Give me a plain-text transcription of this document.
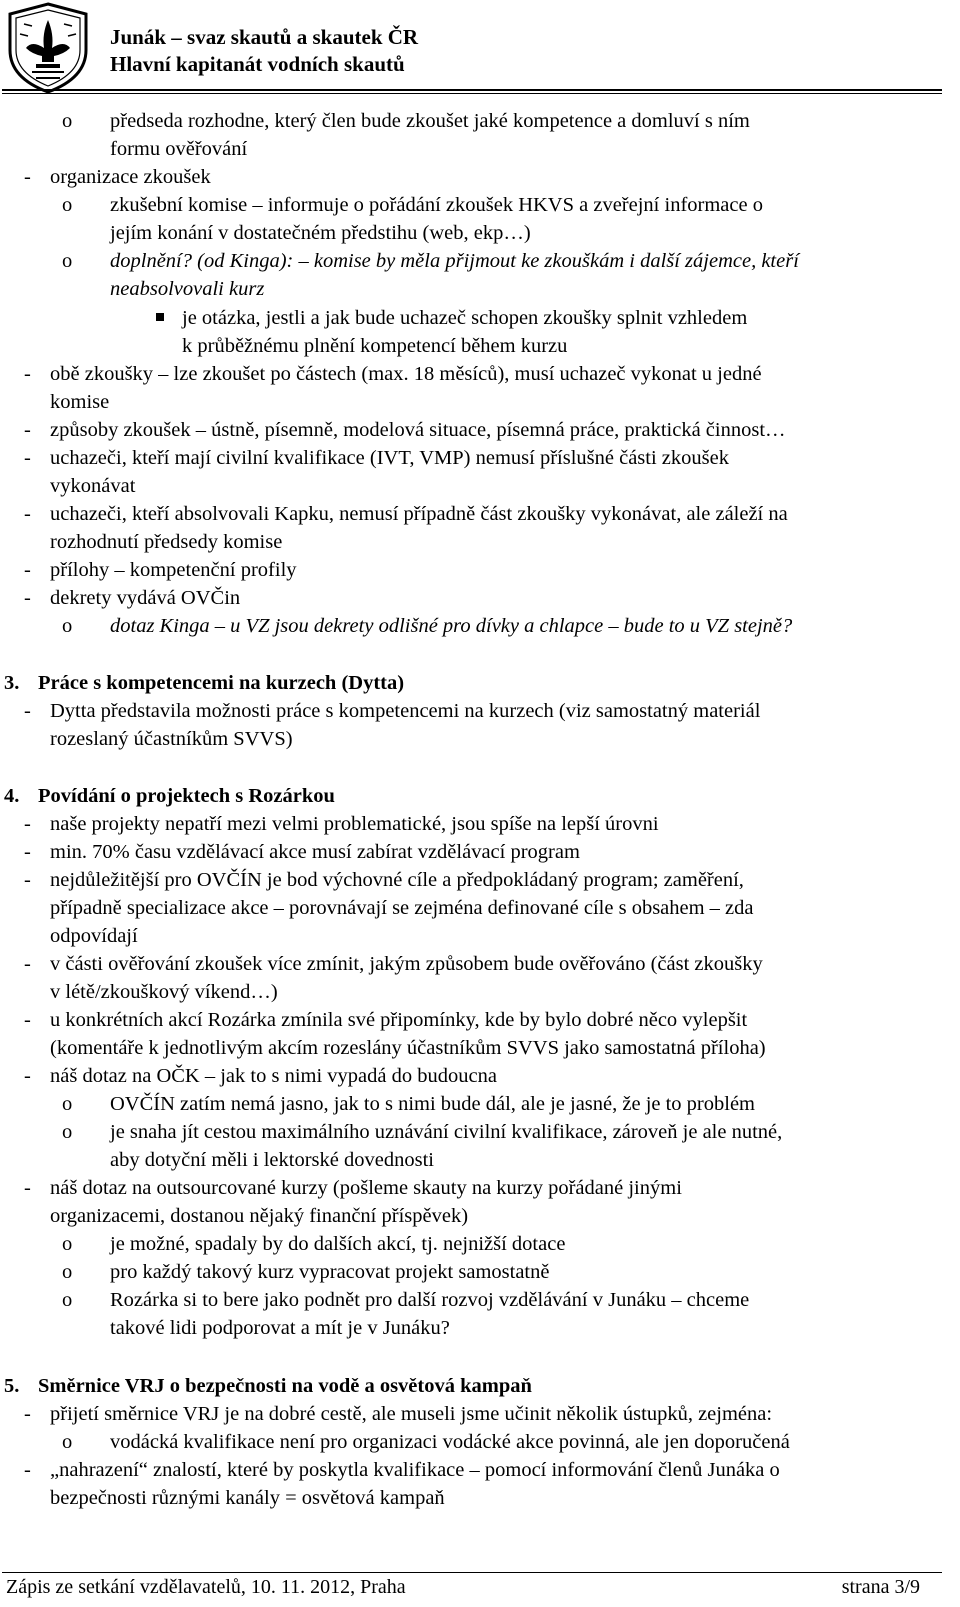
Junák – svaz skautů a skautek ČR
Hlavní kapitanát vodních skautů
o předseda rozhodne, který člen bude zkoušet jaké kompetence a domluví s ním
formu ověřování
- organizace zkoušek
o zkušební komise – informuje o pořádání zkoušek HKVS a zveřejní informace o
jejím konání v dostatečném předstihu (web, ekp…)
o doplnění? (od Kinga): – komise by měla přijmout ke zkouškám i další zájemce, kteří
neabsolvovali kurz
je otázka, jestli a jak bude uchazeč schopen zkoušky splnit vzhledem
k průběžnému plnění kompetencí během kurzu
- obě zkoušky – lze zkoušet po částech (max. 18 měsíců), musí uchazeč vykonat u jedné
komise
- způsoby zkoušek – ústně, písemně, modelová situace, písemná práce, praktická činnost…
- uchazeči, kteří mají civilní kvalifikace (IVT, VMP) nemusí příslušné části zkoušek
vykonávat
- uchazeči, kteří absolvovali Kapku, nemusí případně část zkoušky vykonávat, ale záleží na
rozhodnutí předsedy komise
- přílohy – kompetenční profily
- dekrety vydává OVČin
o dotaz Kinga – u VZ jsou dekrety odlišné pro dívky a chlapce – bude to u VZ stejně?
3. Práce s kompetencemi na kurzech (Dytta)
- Dytta představila možnosti práce s kompetencemi na kurzech (viz samostatný materiál
rozeslaný účastníkům SVVS)
4. Povídání o projektech s Rozárkou
- naše projekty nepatří mezi velmi problematické, jsou spíše na lepší úrovni
- min. 70% času vzdělávací akce musí zabírat vzdělávací program
- nejdůležitější pro OVČÍN je bod výchovné cíle a předpokládaný program; zaměření,
případně specializace akce – porovnávají se zejména definované cíle s obsahem – zda
odpovídají
- v části ověřování zkoušek více zmínit, jakým způsobem bude ověřováno (část zkoušky
v létě/zkouškový víkend…)
- u konkrétních akcí Rozárka zmínila své připomínky, kde by bylo dobré něco vylepšit
(komentáře k jednotlivým akcím rozeslány účastníkům SVVS jako samostatná příloha)
- náš dotaz na OČK – jak to s nimi vypadá do budoucna
o OVČÍN zatím nemá jasno, jak to s nimi bude dál, ale je jasné, že je to problém
o je snaha jít cestou maximálního uznávání civilní kvalifikace, zároveň je ale nutné,
aby dotyční měli i lektorské dovednosti
- náš dotaz na outsourcované kurzy (pošleme skauty na kurzy pořádané jinými
organizacemi, dostanou nějaký finanční příspěvek)
o je možné, spadaly by do dalších akcí, tj. nejnižší dotace
o pro každý takový kurz vypracovat projekt samostatně
o Rozárka si to bere jako podnět pro další rozvoj vzdělávání v Junáku – chceme
takové lidi podporovat a mít je v Junáku?
5. Směrnice VRJ o bezpečnosti na vodě a osvětová kampaň
- přijetí směrnice VRJ je na dobré cestě, ale museli jsme učinit několik ústupků, zejména:
o vodácká kvalifikace není pro organizaci vodácké akce povinná, ale jen doporučená
- „nahrazení“ znalostí, které by poskytla kvalifikace – pomocí informování členů Junáka o
bezpečnosti různými kanály = osvětová kampaň
Zápis ze setkání vzdělavatelů, 10. 11. 2012, Praha	strana 3/9
